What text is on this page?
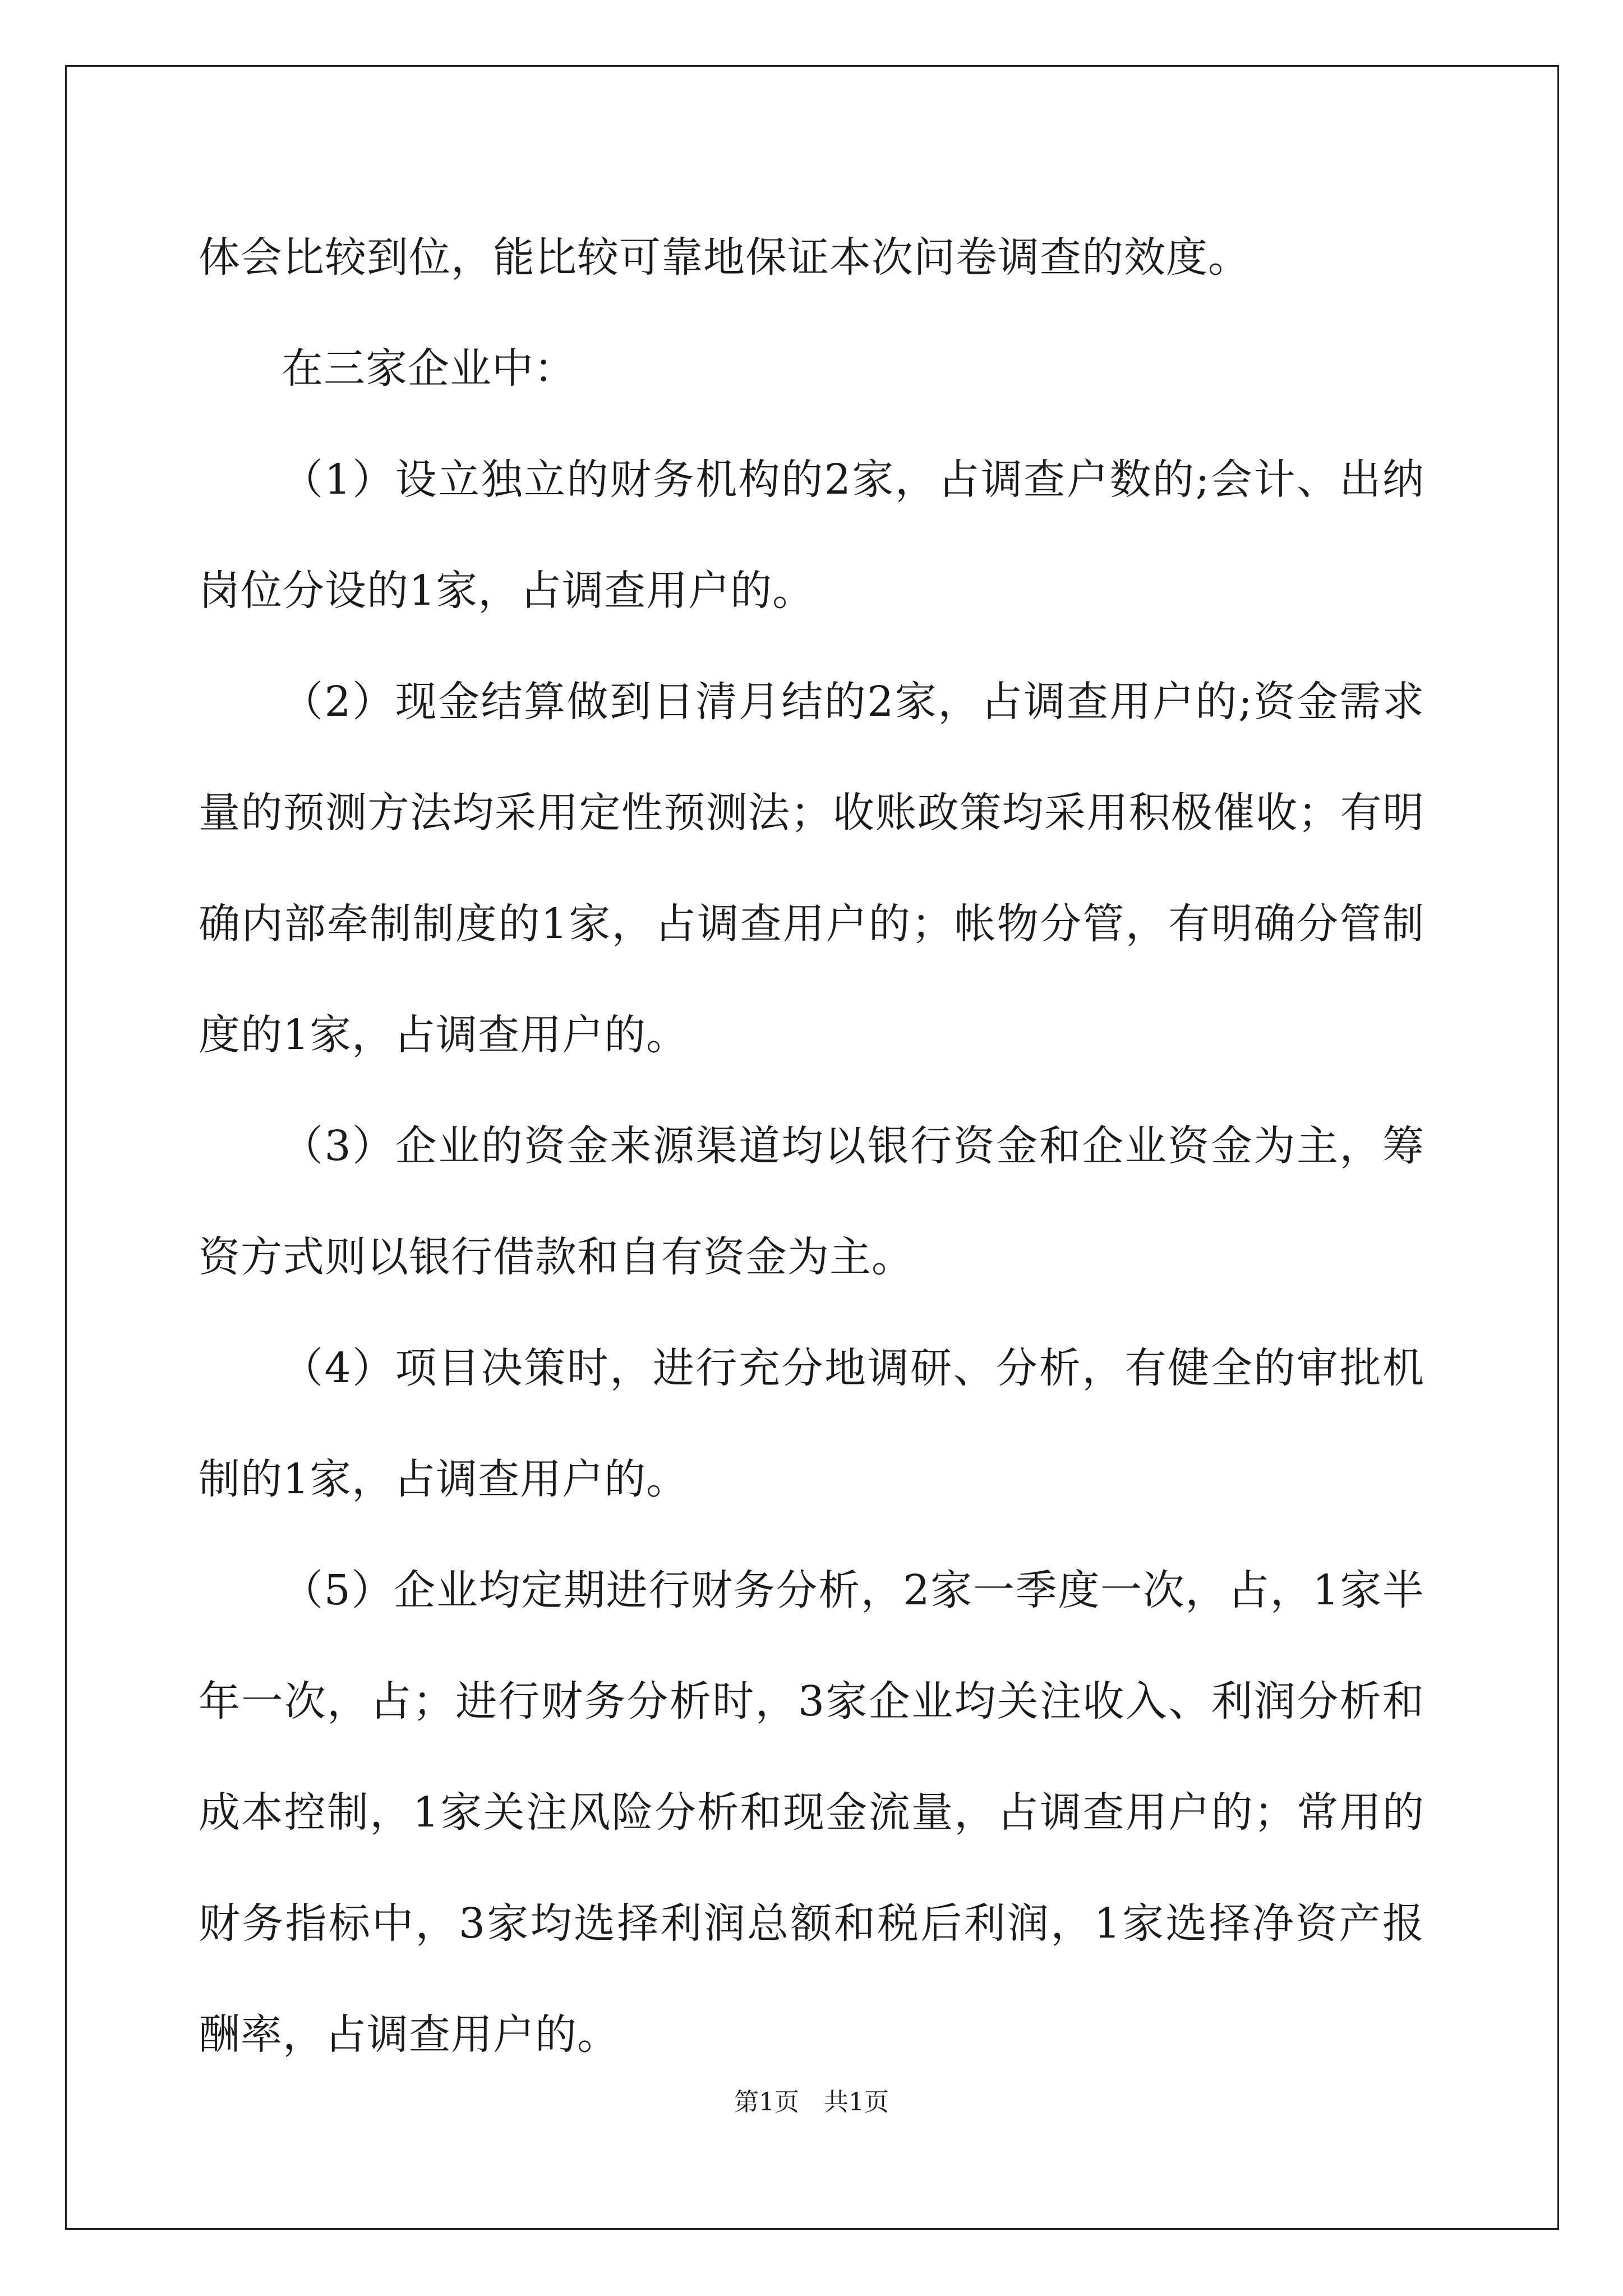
体会比较到位，能比较可靠地保证本次问卷调查的效度。

在三家企业中：

（1）设立独立的财务机构的2家，占调查户数的;会计、出纳岗位分设的1家，占调查用户的。

（2）现金结算做到日清月结的2家，占调查用户的;资金需求量的预测方法均采用定性预测法；收账政策均采用积极催收；有明确内部牵制制度的1家，占调查用户的；帐物分管，有明确分管制度的1家，占调查用户的。

（3）企业的资金来源渠道均以银行资金和企业资金为主，筹资方式则以银行借款和自有资金为主。

（4）项目决策时，进行充分地调研、分析，有健全的审批机制的1家，占调查用户的。

（5）企业均定期进行财务分析，2家一季度一次，占，1家半年一次，占；进行财务分析时，3家企业均关注收入、利润分析和成本控制，1家关注风险分析和现金流量，占调查用户的；常用的财务指标中，3家均选择利润总额和税后利润，1家选择净资产报酬率，占调查用户的。

第1页　共1页
